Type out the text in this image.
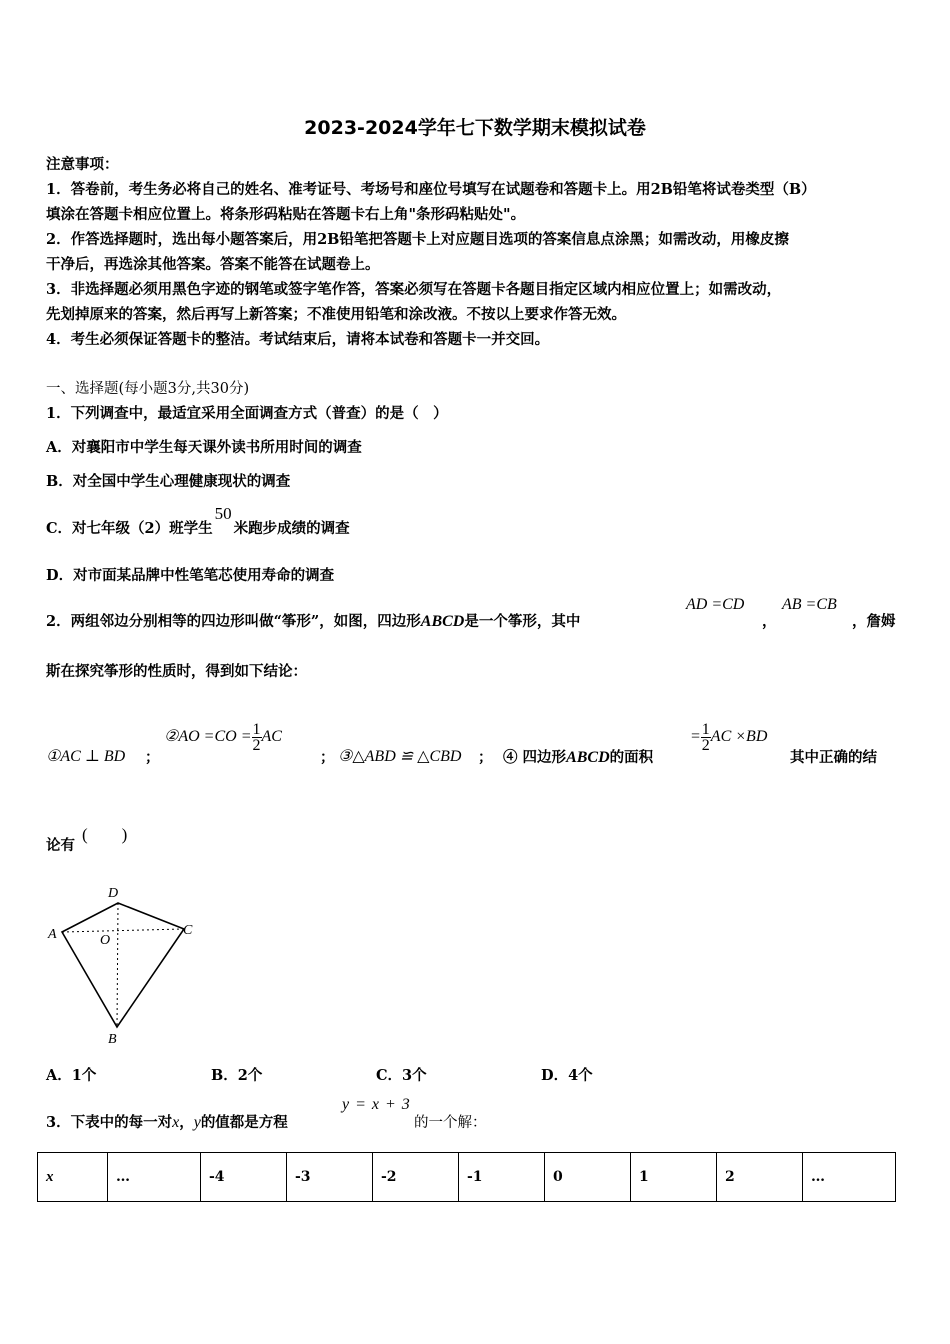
2023-2024学年七下数学期末模拟试卷
注意事项：
1．答卷前，考生务必将自己的姓名、准考证号、考场号和座位号填写在试题卷和答题卡上。用2B铅笔将试卷类型（B）
填涂在答题卡相应位置上。将条形码粘贴在答题卡右上角"条形码粘贴处"。
2．作答选择题时，选出每小题答案后，用2B铅笔把答题卡上对应题目选项的答案信息点涂黑；如需改动，用橡皮擦
干净后，再选涂其他答案。答案不能答在试题卷上。
3．非选择题必须用黑色字迹的钢笔或签字笔作答，答案必须写在答题卡各题目指定区域内相应位置上；如需改动，
先划掉原来的答案，然后再写上新答案；不准使用铅笔和涂改液。不按以上要求作答无效。
4．考生必须保证答题卡的整洁。考试结束后，请将本试卷和答题卡一并交回。
一、选择题(每小题3分,共30分)
1．下列调查中，最适宜采用全面调查方式（普查）的是（　）
A．对襄阳市中学生每天课外读书所用时间的调查
B．对全国中学生心理健康现状的调查
C．对七年级（2）班学生50米跑步成绩的调查
D．对市面某品牌中性笔笔芯使用寿命的调查
2．两组邻边分别相等的四边形叫做“筝形”，如图，四边形ABCD是一个筝形，其中
AD =CD
，
AB =CB
，詹姆
斯在探究筝形的性质时，得到如下结论：
①AC ⊥ BD ；
②AO $=CO = \frac{1}{2}$ AC
； ③△ABD ≌ △CBD ； ④ 四边形ABCD的面积
= $\frac{1}{2}$ AC ×BD
其中正确的结
论有
(　　)
D
A	O
C
B
A．1个	B．2个	C．3个	D．4个
3．下表中的每一对x，y的值都是方程
y = x + 3
的一个解：
x	…	-4	-3	-2	-1	0	1	2	…
